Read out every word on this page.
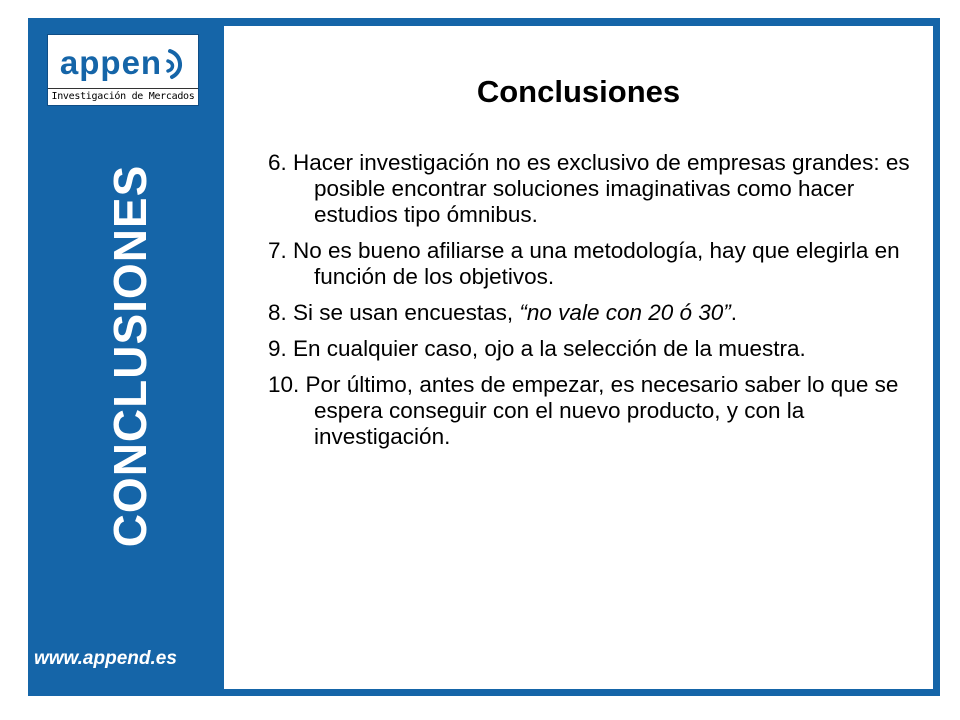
appen
Investigación de Mercados
CONCLUSIONES
www.append.es
Conclusiones
6. Hacer investigación no es exclusivo de empresas grandes: es posible encontrar soluciones imaginativas como hacer estudios tipo ómnibus.
7. No es bueno afiliarse a una metodología, hay que elegirla en función de los objetivos.
8. Si se usan encuestas, “no vale con 20 ó 30”.
9. En cualquier caso, ojo a la selección de la muestra.
10. Por último, antes de empezar, es necesario saber lo que se espera conseguir con el nuevo producto, y con la investigación.
